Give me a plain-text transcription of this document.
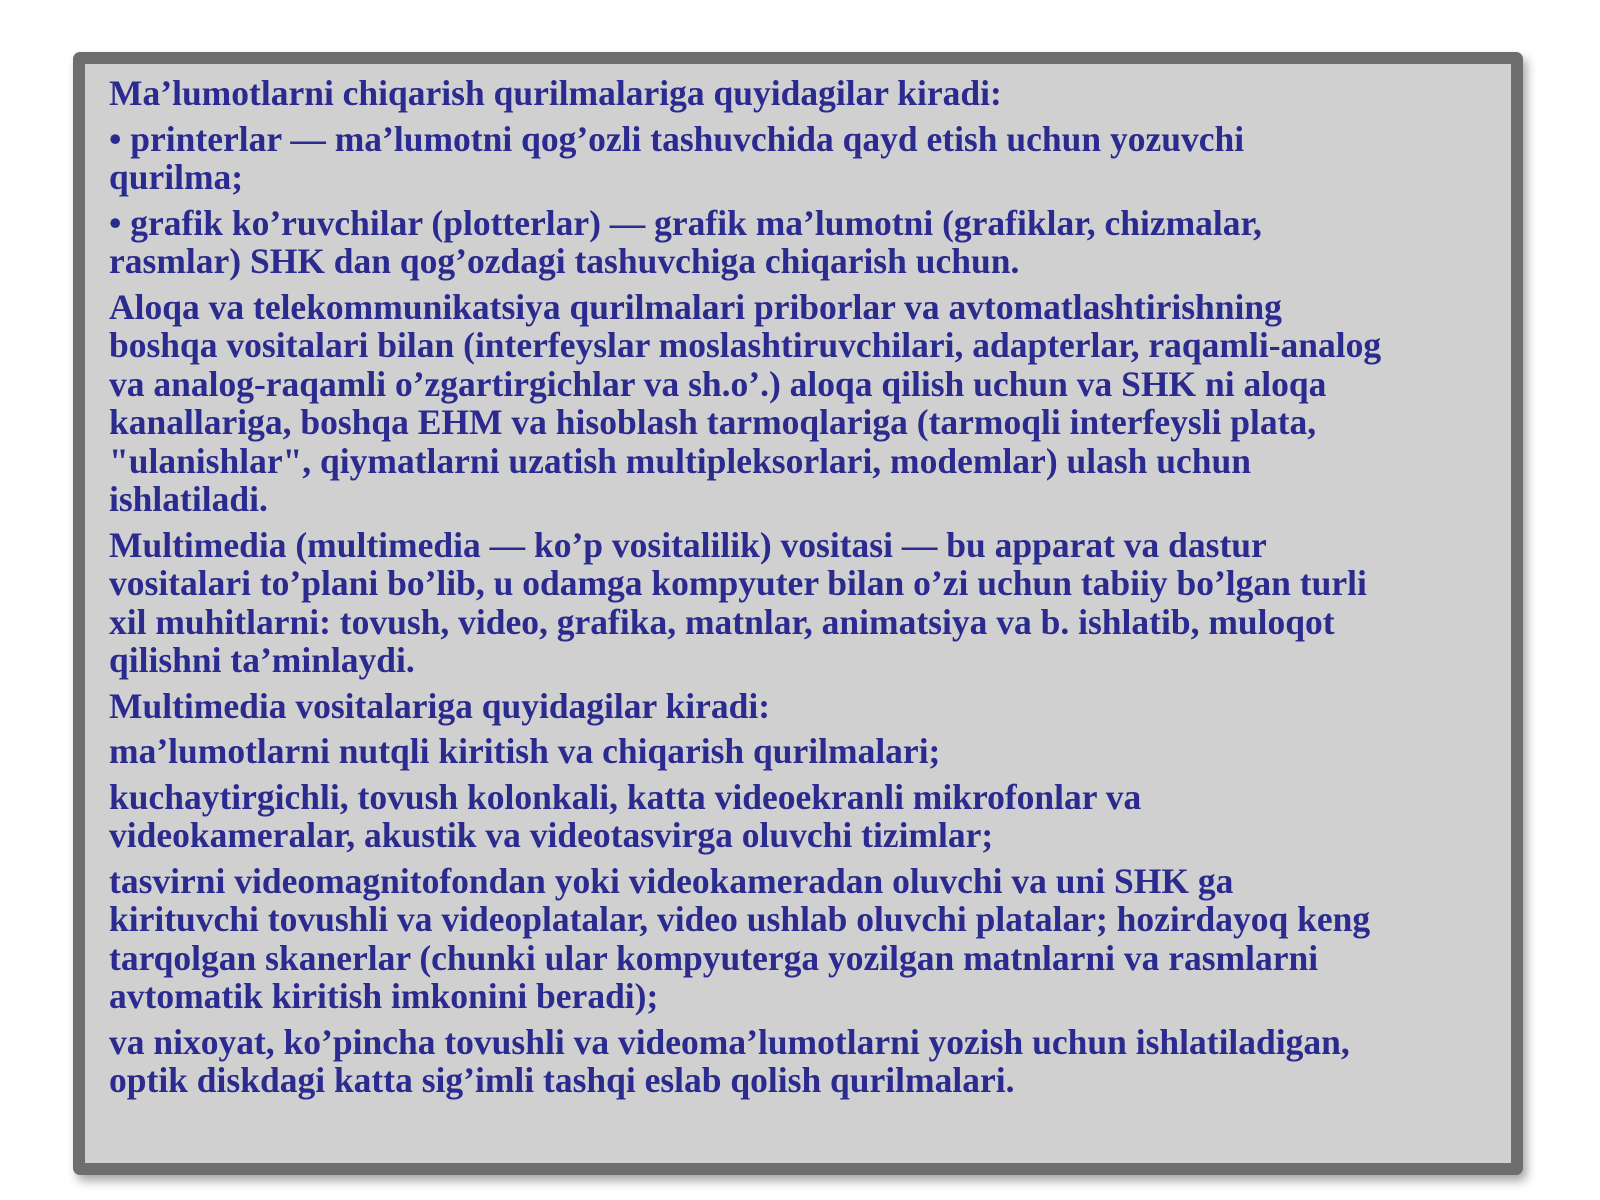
Ma’lumotlarni chiqarish qurilmalariga quyidagilar kiradi:

• printerlar — ma’lumotni qog’ozli tashuvchida qayd etish uchun yozuvchi
qurilma;

• grafik ko’ruvchilar (plotterlar) — grafik ma’lumotni (grafiklar, chizmalar,
rasmlar) SHK dan qog’ozdagi tashuvchiga chiqarish uchun.

Aloqa va telekommunikatsiya qurilmalari priborlar va avtomatlashtirishning
boshqa vositalari bilan (interfeyslar moslashtiruvchilari, adapterlar, raqamli-analog
va analog-raqamli o’zgartirgichlar va sh.o’.) aloqa qilish uchun va SHK ni aloqa
kanallariga, boshqa EHM va hisoblash tarmoqlariga (tarmoqli interfeysli plata,
"ulanishlar", qiymatlarni uzatish multipleksorlari, modemlar) ulash uchun
ishlatiladi.

Multimedia (multimedia — ko’p vositalilik) vositasi — bu apparat va dastur
vositalari to’plani bo’lib, u odamga kompyuter bilan o’zi uchun tabiiy bo’lgan turli
xil muhitlarni: tovush, video, grafika, matnlar, animatsiya va b. ishlatib, muloqot
qilishni ta’minlaydi.

Multimedia vositalariga quyidagilar kiradi:

ma’lumotlarni nutqli kiritish va chiqarish qurilmalari;

kuchaytirgichli, tovush kolonkali, katta videoekranli mikrofonlar va
videokameralar, akustik va videotasvirga oluvchi tizimlar;

tasvirni videomagnitofondan yoki videokameradan oluvchi va uni SHK ga
kirituvchi tovushli va videoplatalar, video ushlab oluvchi platalar; hozirdayoq keng
tarqolgan skanerlar (chunki ular kompyuterga yozilgan matnlarni va rasmlarni
avtomatik kiritish imkonini beradi);

va nixoyat, ko’pincha tovushli va videoma’lumotlarni yozish uchun ishlatiladigan,
optik diskdagi katta sig’imli tashqi eslab qolish qurilmalari.
